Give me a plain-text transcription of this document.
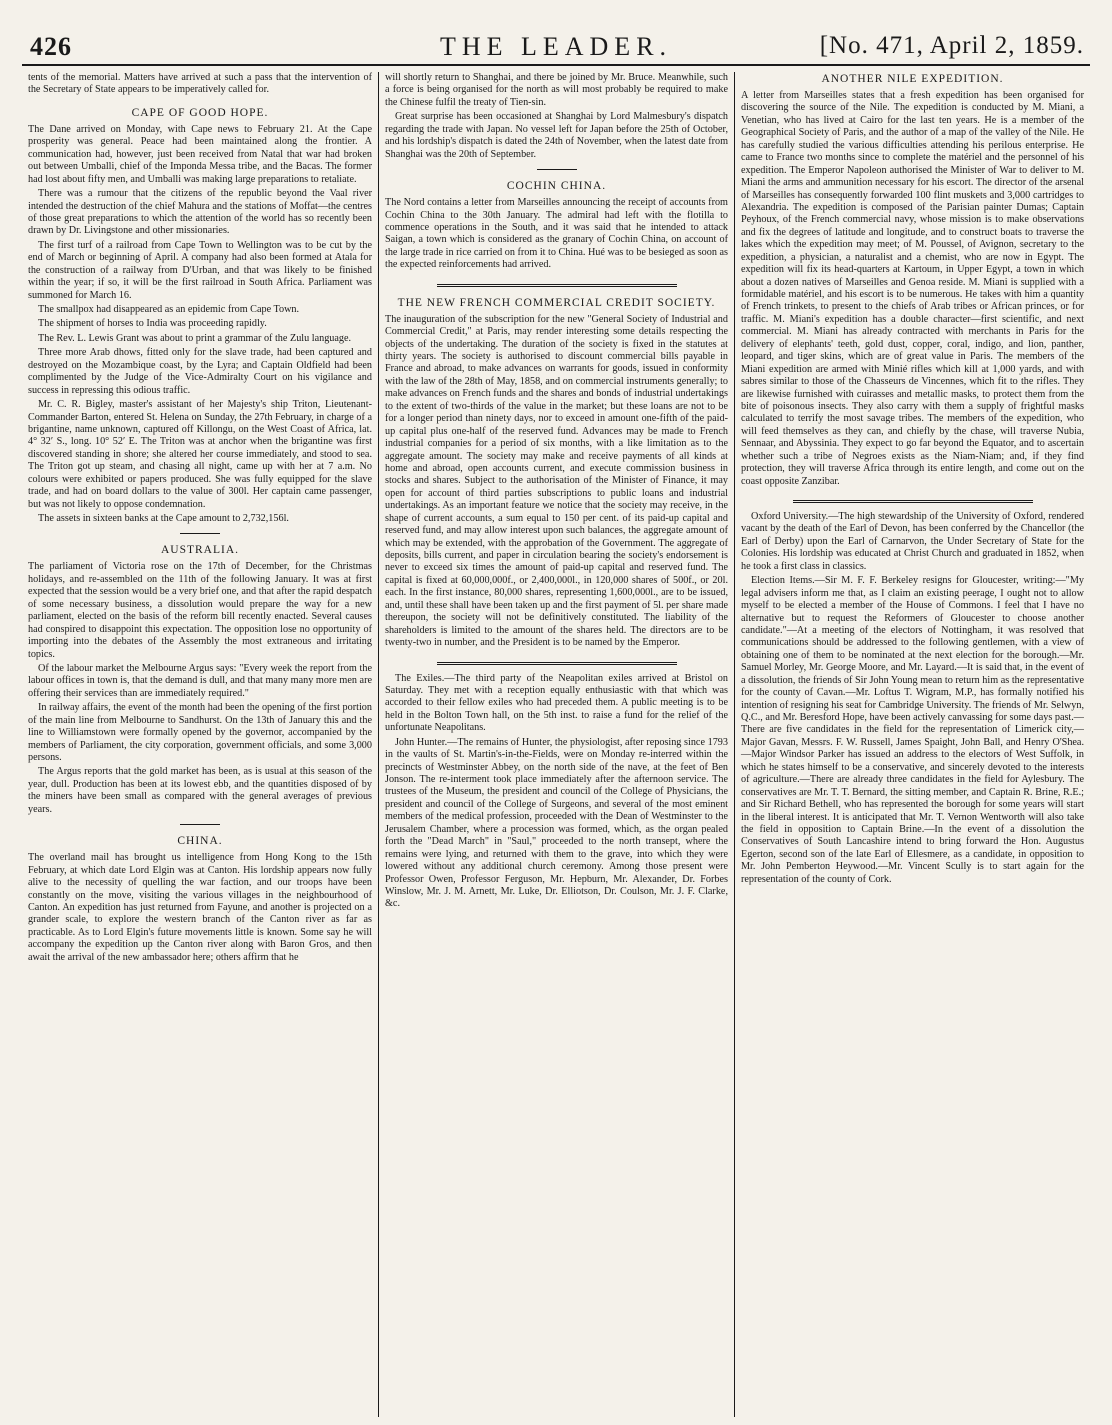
426	THE LEADER.	[No. 471, April 2, 1859.

tents of the memorial. Matters have arrived at such a pass that the intervention of the Secretary of State appears to be imperatively called for.

CAPE OF GOOD HOPE.

The Dane arrived on Monday, with Cape news to February 21. At the Cape prosperity was general. Peace had been maintained along the frontier. A communication had, however, just been received from Natal that war had broken out between Umballi, chief of the Imponda Messa tribe, and the Bacas. The former had lost about fifty men, and Umballi was making large preparations to retaliate.

There was a rumour that the citizens of the republic beyond the Vaal river intended the destruction of the chief Mahura and the stations of Moffat—the centres of those great preparations to which the attention of the world has so recently been drawn by Dr. Livingstone and other missionaries.

The first turf of a railroad from Cape Town to Wellington was to be cut by the end of March or beginning of April. A company had also been formed at Atala for the construction of a railway from D'Urban, and that was likely to be finished within the year; if so, it will be the first railroad in South Africa. Parliament was summoned for March 16.

The smallpox had disappeared as an epidemic from Cape Town.

The shipment of horses to India was proceeding rapidly.

The Rev. L. Lewis Grant was about to print a grammar of the Zulu language.

Three more Arab dhows, fitted only for the slave trade, had been captured and destroyed on the Mozambique coast, by the Lyra; and Captain Oldfield had been complimented by the Judge of the Vice-Admiralty Court on his vigilance and success in repressing this odious traffic.

Mr. C. R. Bigley, master's assistant of her Majesty's ship Triton, Lieutenant-Commander Barton, entered St. Helena on Sunday, the 27th February, in charge of a brigantine, name unknown, captured off Killongu, on the West Coast of Africa, lat. 4° 32′ S., long. 10° 52′ E. The Triton was at anchor when the brigantine was first discovered standing in shore; she altered her course immediately, and stood to sea. The Triton got up steam, and chasing all night, came up with her at 7 a.m. No colours were exhibited or papers produced. She was fully equipped for the slave trade, and had on board dollars to the value of 300l. Her captain came passenger, but was not likely to oppose condemnation.

The assets in sixteen banks at the Cape amount to 2,732,156l.

AUSTRALIA.

The parliament of Victoria rose on the 17th of December, for the Christmas holidays, and re-assembled on the 11th of the following January. It was at first expected that the session would be a very brief one, and that after the rapid despatch of some necessary business, a dissolution would prepare the way for a new parliament, elected on the basis of the reform bill recently enacted. Several causes had conspired to disappoint this expectation. The opposition lose no opportunity of importing into the debates of the Assembly the most extraneous and irritating topics.

Of the labour market the Melbourne Argus says: "Every week the report from the labour offices in town is, that the demand is dull, and that many many more men are offering their services than are immediately required."

In railway affairs, the event of the month had been the opening of the first portion of the main line from Melbourne to Sandhurst. On the 13th of January this and the line to Williamstown were formally opened by the governor, accompanied by the members of Parliament, the city corporation, government officials, and some 3,000 persons.

The Argus reports that the gold market has been, as is usual at this season of the year, dull. Production has been at its lowest ebb, and the quantities disposed of by the miners have been small as compared with the general averages of previous years.

CHINA.

The overland mail has brought us intelligence from Hong Kong to the 15th February, at which date Lord Elgin was at Canton. His lordship appears now fully alive to the necessity of quelling the war faction, and our troops have been constantly on the move, visiting the various villages in the neighbourhood of Canton. An expedition has just returned from Fayune, and another is projected on a grander scale, to explore the western branch of the Canton river as far as practicable. As to Lord Elgin's future movements little is known. Some say he will accompany the expedition up the Canton river along with Baron Gros, and then await the arrival of the new ambassador here; others affirm that he

will shortly return to Shanghai, and there be joined by Mr. Bruce. Meanwhile, such a force is being organised for the north as will most probably be required to make the Chinese fulfil the treaty of Tien-sin.

Great surprise has been occasioned at Shanghai by Lord Malmesbury's dispatch regarding the trade with Japan. No vessel left for Japan before the 25th of October, and his lordship's dispatch is dated the 24th of November, when the latest date from Shanghai was the 20th of September.

COCHIN CHINA.

The Nord contains a letter from Marseilles announcing the receipt of accounts from Cochin China to the 30th January. The admiral had left with the flotilla to commence operations in the South, and it was said that he intended to attack Saigan, a town which is considered as the granary of Cochin China, on account of the large trade in rice carried on from it to China. Hué was to be besieged as soon as the expected reinforcements had arrived.

THE NEW FRENCH COMMERCIAL CREDIT SOCIETY.

The inauguration of the subscription for the new "General Society of Industrial and Commercial Credit," at Paris, may render interesting some details respecting the objects of the undertaking. The duration of the society is fixed in the statutes at thirty years. The society is authorised to discount commercial bills payable in France and abroad, to make advances on warrants for goods, issued in conformity with the law of the 28th of May, 1858, and on commercial instruments generally; to make advances on French funds and the shares and bonds of industrial undertakings to the extent of two-thirds of the value in the market; but these loans are not to be for a longer period than ninety days, nor to exceed in amount one-fifth of the paid-up capital plus one-half of the reserved fund. Advances may be made to French industrial companies for a period of six months, with a like limitation as to the aggregate amount. The society may make and receive payments of all kinds at home and abroad, open accounts current, and execute commission business in stocks and shares. Subject to the authorisation of the Minister of Finance, it may open for account of third parties subscriptions to public loans and industrial undertakings. As an important feature we notice that the society may receive, in the shape of current accounts, a sum equal to 150 per cent. of its paid-up capital and reserved fund, and may allow interest upon such balances, the aggregate amount of which may be extended, with the approbation of the Government. The aggregate of deposits, bills current, and paper in circulation bearing the society's endorsement is never to exceed six times the amount of paid-up capital and reserved fund. The capital is fixed at 60,000,000f., or 2,400,000l., in 120,000 shares of 500f., or 20l. each. In the first instance, 80,000 shares, representing 1,600,000l., are to be issued, and, until these shall have been taken up and the first payment of 5l. per share made thereupon, the society will not be definitively constituted. The liability of the shareholders is limited to the amount of the shares held. The directors are to be twenty-two in number, and the President is to be named by the Emperor.

The Exiles.—The third party of the Neapolitan exiles arrived at Bristol on Saturday. They met with a reception equally enthusiastic with that which was accorded to their fellow exiles who had preceded them. A public meeting is to be held in the Bolton Town hall, on the 5th inst. to raise a fund for the relief of the unfortunate Neapolitans.

John Hunter.—The remains of Hunter, the physiologist, after reposing since 1793 in the vaults of St. Martin's-in-the-Fields, were on Monday re-interred within the precincts of Westminster Abbey, on the north side of the nave, at the feet of Ben Jonson. The re-interment took place immediately after the afternoon service. The trustees of the Museum, the president and council of the College of Physicians, the president and council of the College of Surgeons, and several of the most eminent members of the medical profession, proceeded with the Dean of Westminster to the Jerusalem Chamber, where a procession was formed, which, as the organ pealed forth the "Dead March" in "Saul," proceeded to the north transept, where the remains were lying, and returned with them to the grave, into which they were lowered without any additional church ceremony. Among those present were Professor Owen, Professor Ferguson, Mr. Hepburn, Mr. Alexander, Dr. Forbes Winslow, Mr. J. M. Arnett, Mr. Luke, Dr. Elliotson, Dr. Coulson, Mr. J. F. Clarke, &c.

ANOTHER NILE EXPEDITION.

A letter from Marseilles states that a fresh expedition has been organised for discovering the source of the Nile. The expedition is conducted by M. Miani, a Venetian, who has lived at Cairo for the last ten years. He is a member of the Geographical Society of Paris, and the author of a map of the valley of the Nile. He has carefully studied the various difficulties attending his perilous enterprise. He came to France two months since to complete the matériel and the personnel of his expedition. The Emperor Napoleon authorised the Minister of War to deliver to M. Miani the arms and ammunition necessary for his escort. The director of the arsenal of Marseilles has consequently forwarded 100 flint muskets and 3,000 cartridges to Alexandria. The expedition is composed of the Parisian painter Dumas; Captain Peyhoux, of the French commercial navy, whose mission is to make observations and fix the degrees of latitude and longitude, and to construct boats to traverse the lakes which the expedition may meet; of M. Poussel, of Avignon, secretary to the expedition, a physician, a naturalist and a chemist, who are now in Egypt. The expedition will fix its head-quarters at Kartoum, in Upper Egypt, a town in which about a dozen natives of Marseilles and Genoa reside. M. Miani is supplied with a formidable matériel, and his escort is to be numerous. He takes with him a quantity of French trinkets, to present to the chiefs of Arab tribes or African princes, or for traffic. M. Miani's expedition has a double character—first scientific, and next commercial. M. Miani has already contracted with merchants in Paris for the delivery of elephants' teeth, gold dust, copper, coral, indigo, and lion, panther, leopard, and tiger skins, which are of great value in Paris. The members of the Miani expedition are armed with Minié rifles which kill at 1,000 yards, and with sabres similar to those of the Chasseurs de Vincennes, which fit to the rifles. They are likewise furnished with cuirasses and metallic masks, to protect them from the bite of poisonous insects. They also carry with them a supply of frightful masks calculated to terrify the most savage tribes. The members of the expedition, who will feed themselves as they can, and chiefly by the chase, will traverse Nubia, Sennaar, and Abyssinia. They expect to go far beyond the Equator, and to ascertain whether such a tribe of Negroes exists as the Niam-Niam; and, if they find protection, they will traverse Africa through its entire length, and come out on the coast opposite Zanzibar.

Oxford University.—The high stewardship of the University of Oxford, rendered vacant by the death of the Earl of Devon, has been conferred by the Chancellor (the Earl of Derby) upon the Earl of Carnarvon, the Under Secretary of State for the Colonies. His lordship was educated at Christ Church and graduated in 1852, when he took a first class in classics.

Election Items.—Sir M. F. F. Berkeley resigns for Gloucester, writing:—"My legal advisers inform me that, as I claim an existing peerage, I ought not to allow myself to be elected a member of the House of Commons. I feel that I have no alternative but to request the Reformers of Gloucester to choose another candidate."—At a meeting of the electors of Nottingham, it was resolved that communications should be addressed to the following gentlemen, with a view of obtaining one of them to be nominated at the next election for the borough.—Mr. Samuel Morley, Mr. George Moore, and Mr. Layard.—It is said that, in the event of a dissolution, the friends of Sir John Young mean to return him as the representative for the county of Cavan.—Mr. Loftus T. Wigram, M.P., has formally notified his intention of resigning his seat for Cambridge University. The friends of Mr. Selwyn, Q.C., and Mr. Beresford Hope, have been actively canvassing for some days past.—There are five candidates in the field for the representation of Limerick city,—Major Gavan, Messrs. F. W. Russell, James Spaight, John Ball, and Henry O'Shea.—Major Windsor Parker has issued an address to the electors of West Suffolk, in which he states himself to be a conservative, and sincerely devoted to the interests of agriculture.—There are already three candidates in the field for Aylesbury. The conservatives are Mr. T. T. Bernard, the sitting member, and Captain R. Brine, R.E.; and Sir Richard Bethell, who has represented the borough for some years will start in the liberal interest. It is anticipated that Mr. T. Vernon Wentworth will also take the field in opposition to Captain Brine.—In the event of a dissolution the Conservatives of South Lancashire intend to bring forward the Hon. Augustus Egerton, second son of the late Earl of Ellesmere, as a candidate, in opposition to Mr. John Pemberton Heywood.—Mr. Vincent Scully is to start again for the representation of the county of Cork.
